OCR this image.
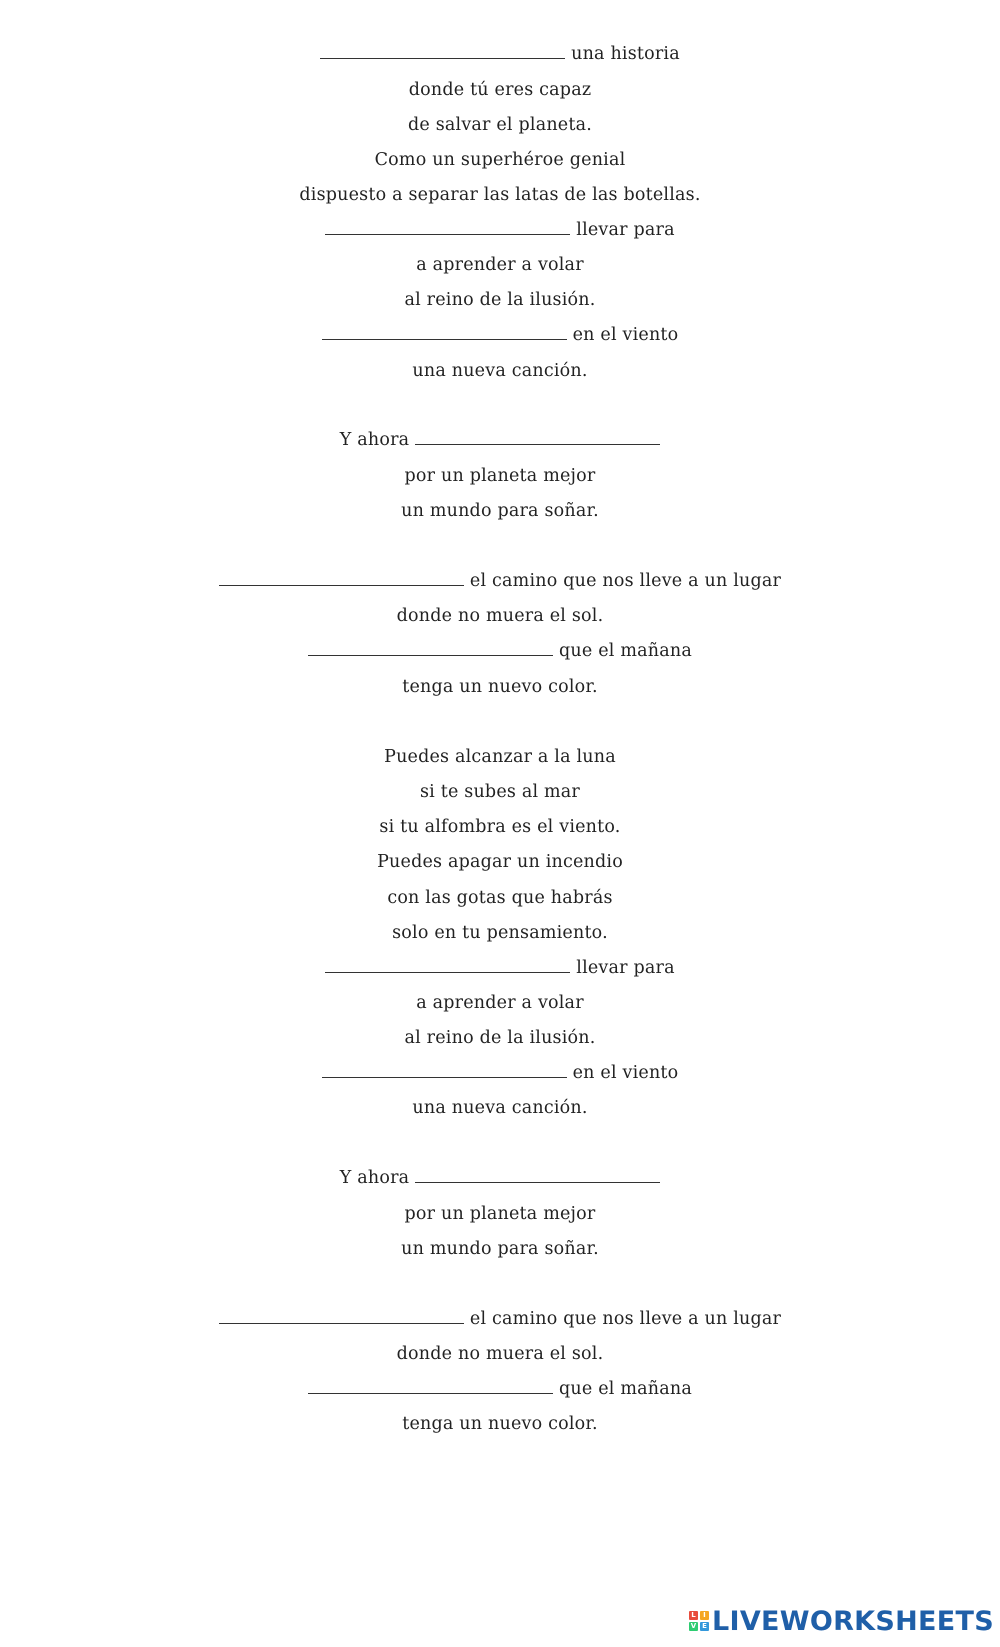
una historia
donde tú eres capaz
de salvar el planeta.
Como un superhéroe genial
dispuesto a separar las latas de las botellas.
llevar para
a aprender a volar
al reino de la ilusión.
en el viento
una nueva canción.
Y ahora
por un planeta mejor
un mundo para soñar.
el camino que nos lleve a un lugar
donde no muera el sol.
que el mañana
tenga un nuevo color.
Puedes alcanzar a la luna
si te subes al mar
si tu alfombra es el viento.
Puedes apagar un incendio
con las gotas que habrás
solo en tu pensamiento.
llevar para
a aprender a volar
al reino de la ilusión.
en el viento
una nueva canción.
Y ahora
por un planeta mejor
un mundo para soñar.
el camino que nos lleve a un lugar
donde no muera el sol.
que el mañana
tenga un nuevo color.
L	I
V E LIVEWORKSHEETS
